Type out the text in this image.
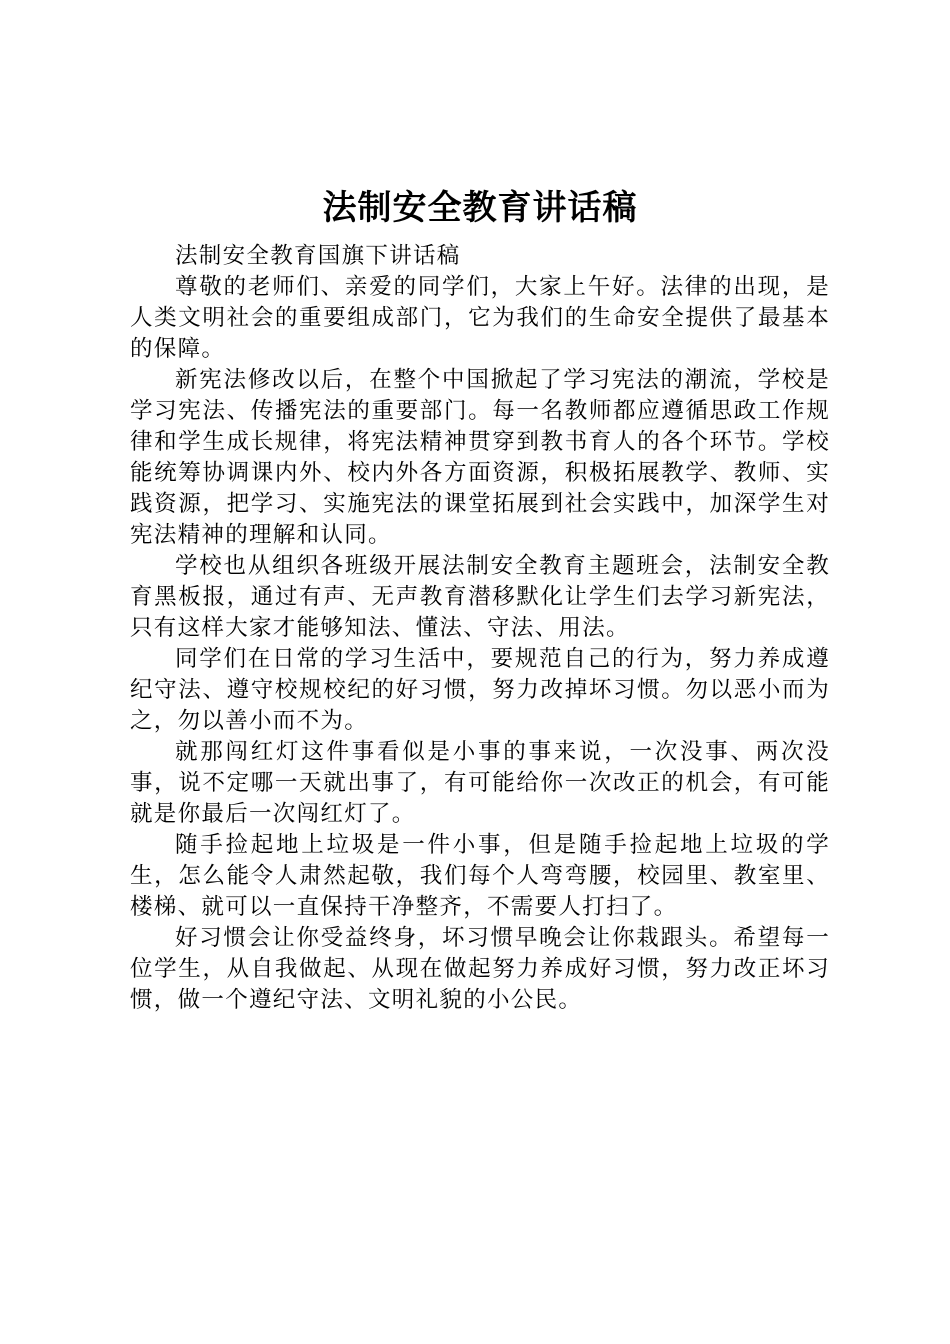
法制安全教育讲话稿

法制安全教育国旗下讲话稿

尊敬的老师们、亲爱的同学们，大家上午好。法律的出现，是人类文明社会的重要组成部门，它为我们的生命安全提供了最基本的保障。

新宪法修改以后，在整个中国掀起了学习宪法的潮流，学校是学习宪法、传播宪法的重要部门。每一名教师都应遵循思政工作规律和学生成长规律，将宪法精神贯穿到教书育人的各个环节。学校能统筹协调课内外、校内外各方面资源，积极拓展教学、教师、实践资源，把学习、实施宪法的课堂拓展到社会实践中，加深学生对宪法精神的理解和认同。

学校也从组织各班级开展法制安全教育主题班会，法制安全教育黑板报，通过有声、无声教育潜移默化让学生们去学习新宪法，只有这样大家才能够知法、懂法、守法、用法。

同学们在日常的学习生活中，要规范自己的行为，努力养成遵纪守法、遵守校规校纪的好习惯，努力改掉坏习惯。勿以恶小而为之，勿以善小而不为。

就那闯红灯这件事看似是小事的事来说，一次没事、两次没事，说不定哪一天就出事了，有可能给你一次改正的机会，有可能就是你最后一次闯红灯了。

随手捡起地上垃圾是一件小事，但是随手捡起地上垃圾的学生，怎么能令人肃然起敬，我们每个人弯弯腰，校园里、教室里、楼梯、就可以一直保持干净整齐，不需要人打扫了。

好习惯会让你受益终身，坏习惯早晚会让你栽跟头。希望每一位学生，从自我做起、从现在做起努力养成好习惯，努力改正坏习惯，做一个遵纪守法、文明礼貌的小公民。
